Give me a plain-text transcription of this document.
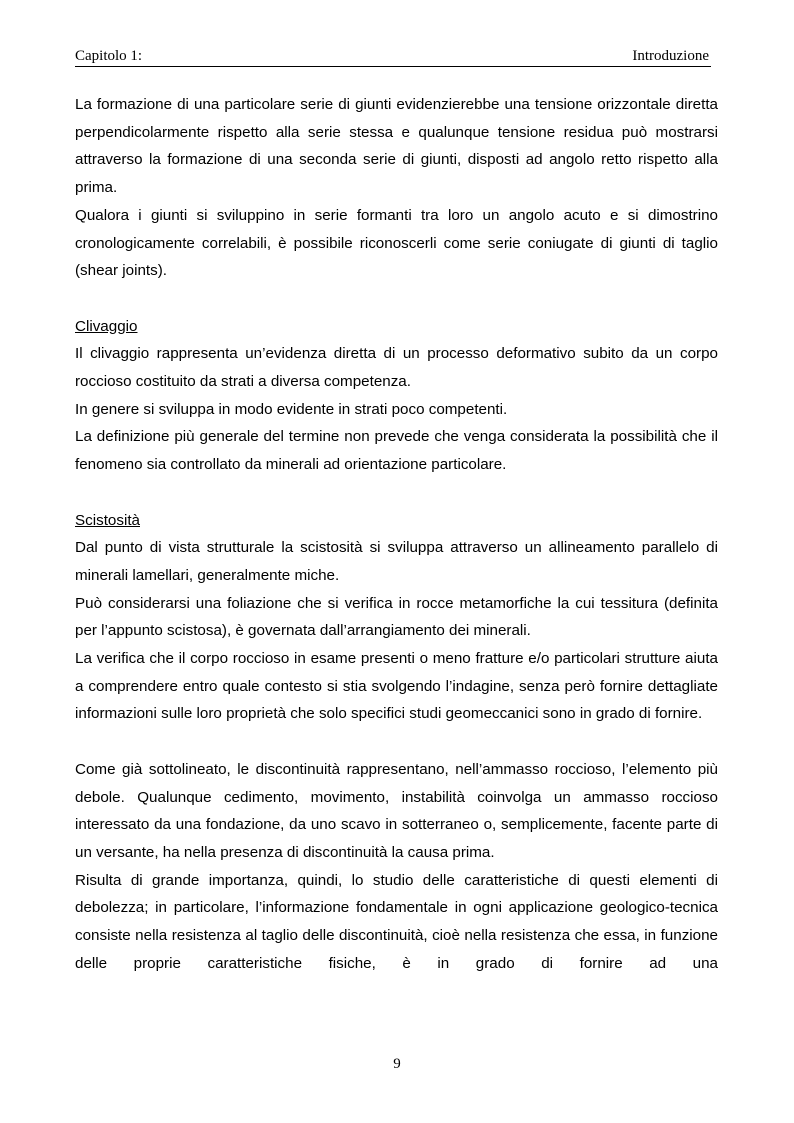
Capitolo 1:	Introduzione

La formazione di una particolare serie di giunti evidenzierebbe una tensione orizzontale diretta perpendicolarmente rispetto alla serie stessa e qualunque tensione residua può mostrarsi attraverso la formazione di una seconda serie di giunti, disposti ad angolo retto rispetto alla prima.

Qualora i giunti si sviluppino in serie formanti tra loro un angolo acuto e si dimostrino cronologicamente correlabili, è possibile riconoscerli come serie coniugate di giunti di taglio (shear joints).

Clivaggio

Il clivaggio rappresenta un’evidenza diretta di un processo deformativo subito da un corpo roccioso costituito da strati a diversa competenza.

In genere si sviluppa in modo evidente in strati poco competenti.

La definizione più generale del termine non prevede che venga considerata la possibilità che il fenomeno sia controllato da minerali ad orientazione particolare.

Scistosità

Dal punto di vista strutturale la scistosità si sviluppa attraverso un allineamento parallelo di minerali lamellari, generalmente miche.

Può considerarsi una foliazione che si verifica in rocce metamorfiche la cui tessitura (definita per l’appunto scistosa), è governata dall’arrangiamento dei minerali.

La verifica che il corpo roccioso in esame presenti o meno fratture e/o particolari strutture aiuta a comprendere entro quale contesto si stia svolgendo l’indagine, senza però fornire dettagliate informazioni sulle loro proprietà che solo specifici studi geomeccanici sono in grado di fornire.

Come già sottolineato, le discontinuità rappresentano, nell’ammasso roccioso, l’elemento più debole. Qualunque cedimento, movimento, instabilità coinvolga un ammasso roccioso interessato da una fondazione, da uno scavo in sotterraneo o, semplicemente, facente parte di un versante, ha nella presenza di discontinuità la causa prima.

Risulta di grande importanza, quindi, lo studio delle caratteristiche di questi elementi di debolezza; in particolare, l’informazione fondamentale in ogni applicazione geologico-tecnica consiste nella resistenza al taglio delle discontinuità, cioè nella resistenza che essa, in funzione delle proprie caratteristiche fisiche, è in grado di fornire ad una

9
